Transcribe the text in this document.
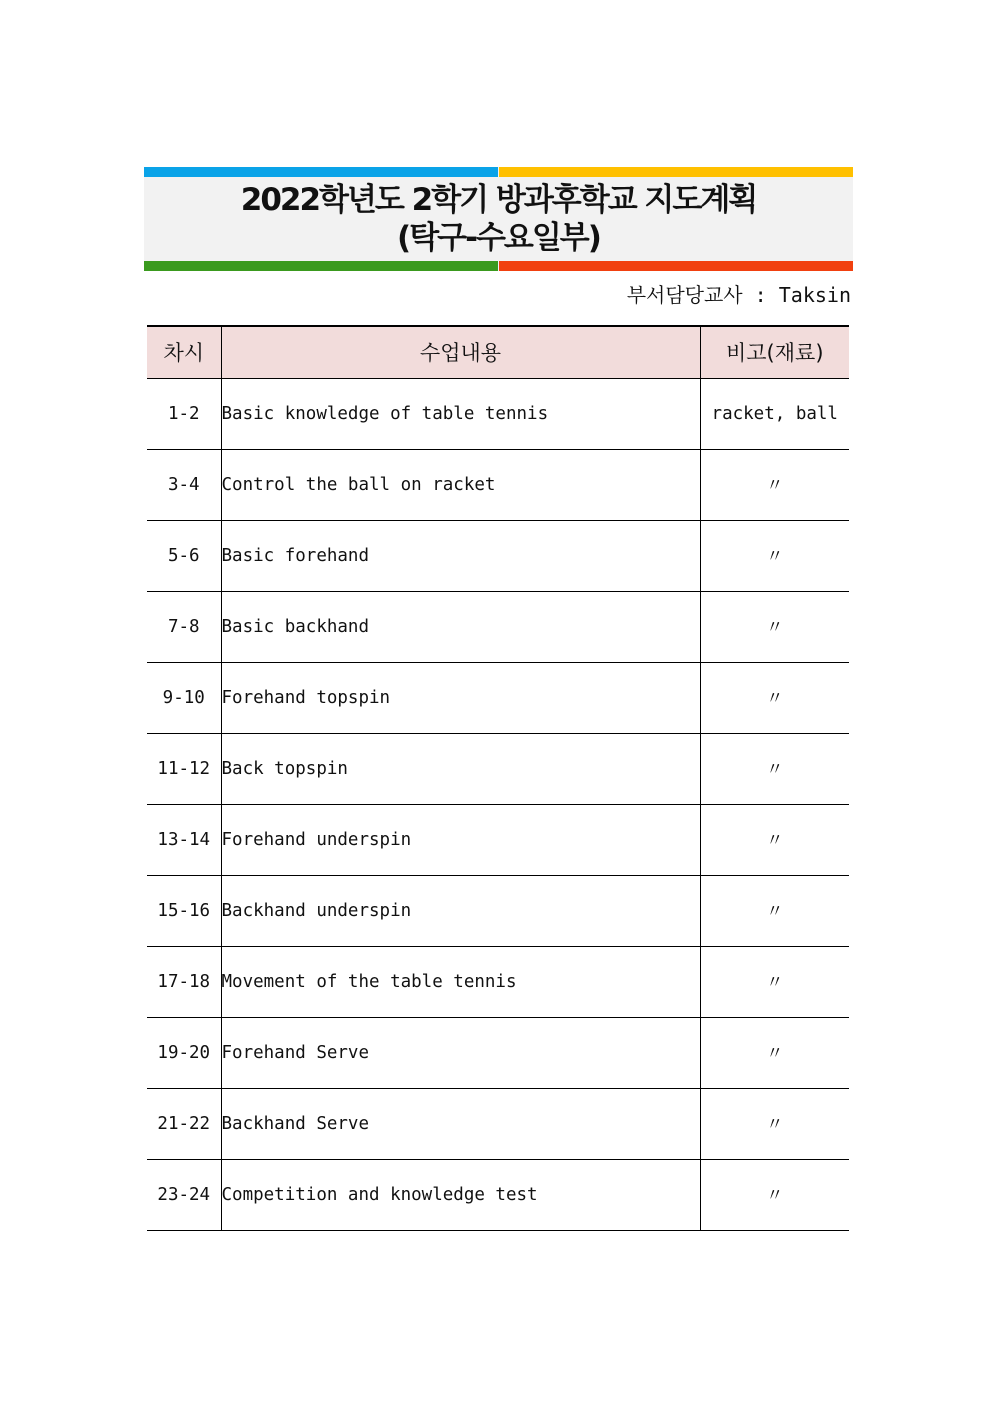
2022학년도 2학기 방과후학교 지도계획
(탁구-수요일부)
부서담당교사 : Taksin
차시	수업내용	비고(재료)
1-2	Basic knowledge of table tennis	racket, ball
3-4	Control the ball on racket	〃
5-6	Basic forehand	〃
7-8	Basic backhand	〃
9-10	Forehand topspin	〃
11-12	Back topspin	〃
13-14	Forehand underspin	〃
15-16	Backhand underspin	〃
17-18	Movement of the table tennis	〃
19-20	Forehand Serve	〃
21-22	Backhand Serve	〃
23-24	Competition and knowledge test	〃
